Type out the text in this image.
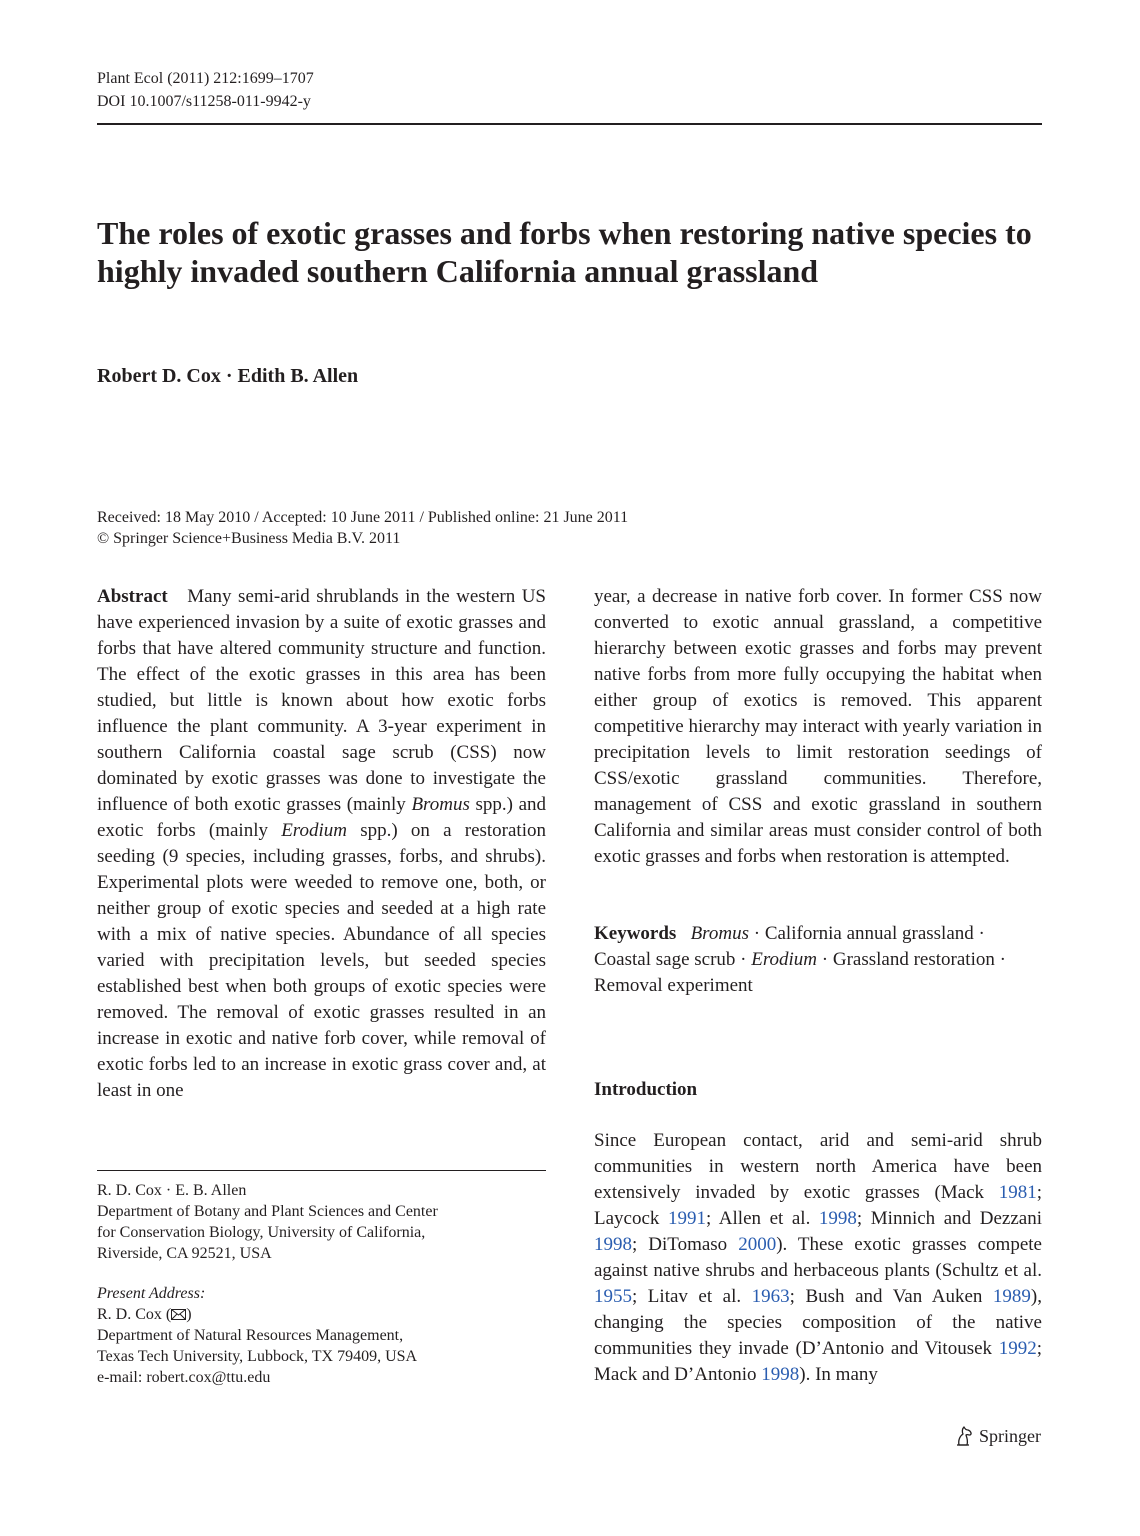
Plant Ecol (2011) 212:1699–1707
DOI 10.1007/s11258-011-9942-y
The roles of exotic grasses and forbs when restoring native species to highly invaded southern California annual grassland
Robert D. Cox · Edith B. Allen
Received: 18 May 2010 / Accepted: 10 June 2011 / Published online: 21 June 2011
© Springer Science+Business Media B.V. 2011

Abstract Many semi-arid shrublands in the western US have experienced invasion by a suite of exotic grasses and forbs that have altered community structure and function. The effect of the exotic grasses in this area has been studied, but little is known about how exotic forbs influence the plant community. A 3-year experiment in southern California coastal sage scrub (CSS) now dominated by exotic grasses was done to investigate the influence of both exotic grasses (mainly Bromus spp.) and exotic forbs (mainly Erodium spp.) on a restoration seeding (9 species, including grasses, forbs, and shrubs). Experimental plots were weeded to remove one, both, or neither group of exotic species and seeded at a high rate with a mix of native species. Abundance of all species varied with precipitation levels, but seeded species established best when both groups of exotic species were removed. The removal of exotic grasses resulted in an increase in exotic and native forb cover, while removal of exotic forbs led to an increase in exotic grass cover and, at least in one

year, a decrease in native forb cover. In former CSS now converted to exotic annual grassland, a competitive hierarchy between exotic grasses and forbs may prevent native forbs from more fully occupying the habitat when either group of exotics is removed. This apparent competitive hierarchy may interact with yearly variation in precipitation levels to limit restoration seedings of CSS/exotic grassland communities. Therefore, management of CSS and exotic grassland in southern California and similar areas must consider control of both exotic grasses and forbs when restoration is attempted.

Keywords Bromus · California annual grassland · Coastal sage scrub · Erodium · Grassland restoration · Removal experiment
Introduction
Since European contact, arid and semi-arid shrub communities in western north America have been extensively invaded by exotic grasses (Mack 1981; Laycock 1991; Allen et al. 1998; Minnich and Dezzani 1998; DiTomaso 2000). These exotic grasses compete against native shrubs and herbaceous plants (Schultz et al. 1955; Litav et al. 1963; Bush and Van Auken 1989), changing the species composition of the native communities they invade (D’Antonio and Vitousek 1992; Mack and D’Antonio 1998). In many

R. D. Cox · E. B. Allen

Department of Botany and Plant Sciences and Center

for Conservation Biology, University of California,

Riverside, CA 92521, USA

Present Address:

R. D. Cox ( )

Department of Natural Resources Management,

Texas Tech University, Lubbock, TX 79409, USA

e-mail: robert.cox@ttu.edu

Springer
